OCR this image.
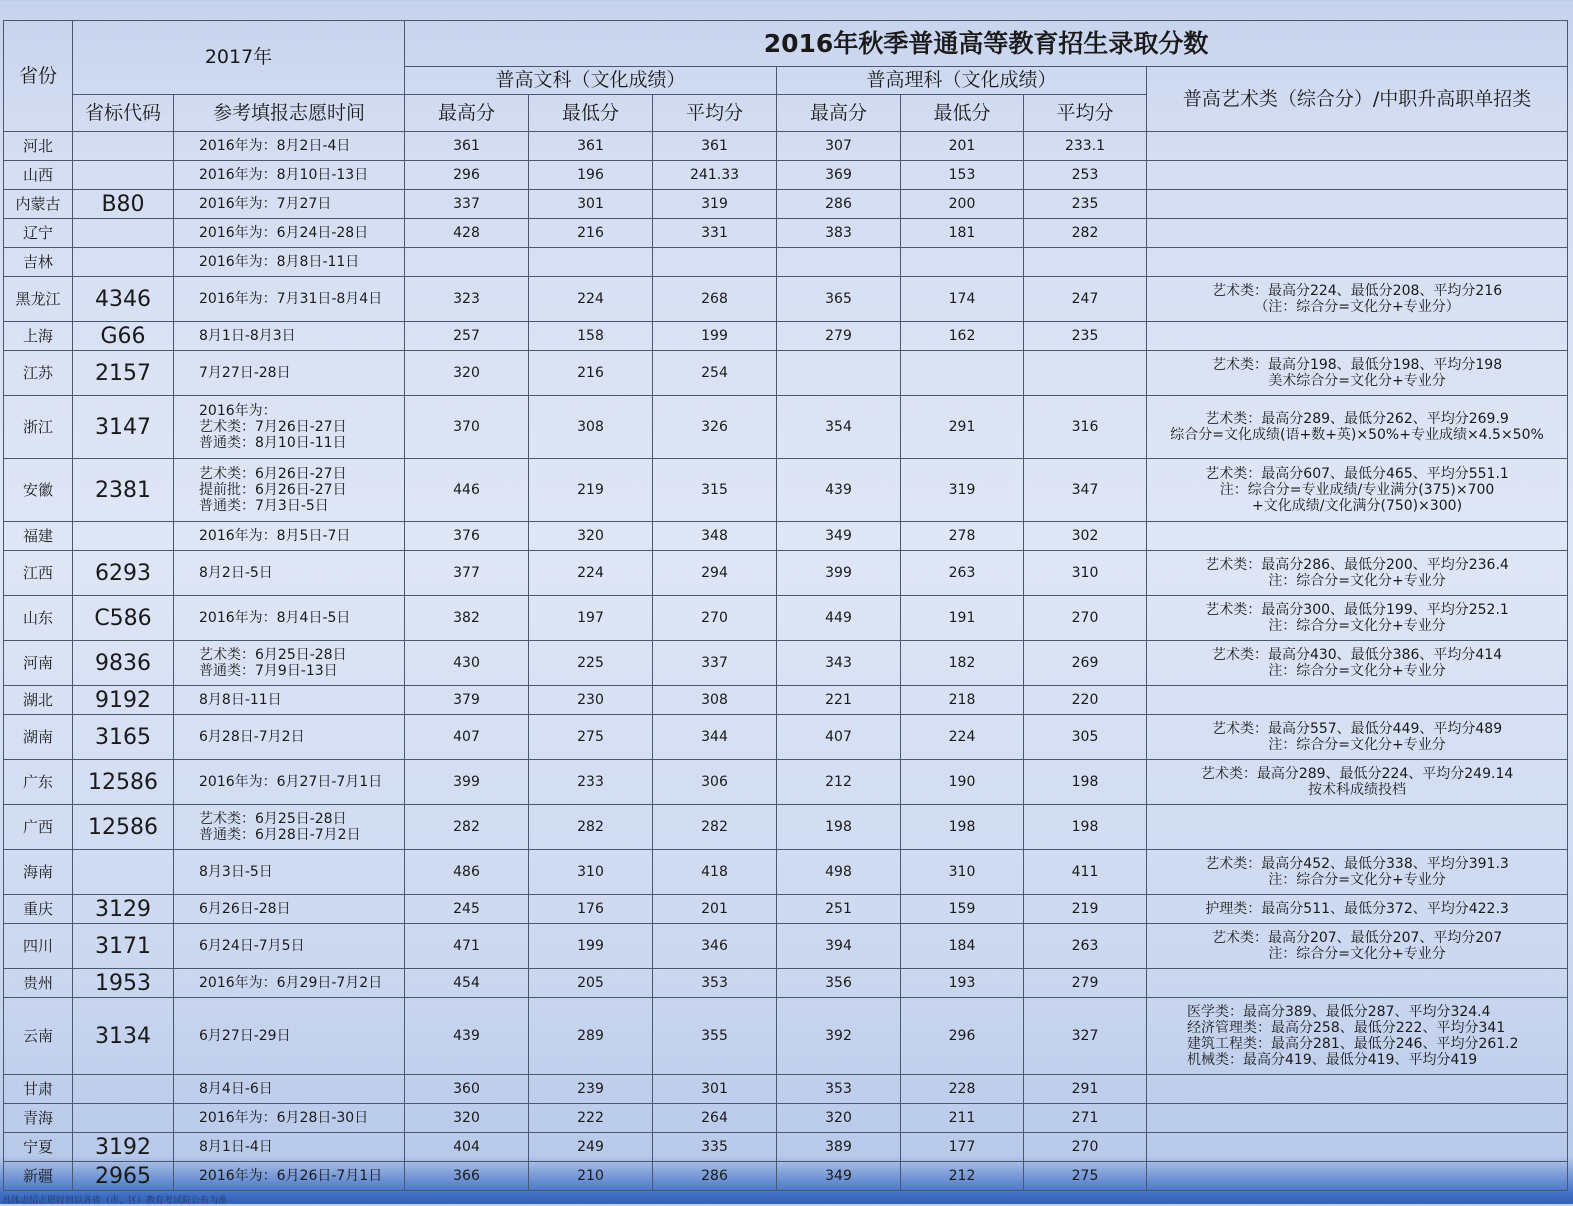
省份	2017年		2016年秋季普通高等教育招生录取分数						
			普高文科（文化成绩）			普高理科（文化成绩）			普高艺术类（综合分）/中职升高职单招类
	省标代码	参考填报志愿时间	最高分	最低分	平均分	最高分	最低分	平均分	
河北		2016年为：8月2日-4日	361	361	361	307	201	233.1	
山西		2016年为：8月10日-13日	296	196	241.33	369	153	253	
内蒙古	B80	2016年为：7月27日	337	301	319	286	200	235	
辽宁		2016年为：6月24日-28日	428	216	331	383	181	282	
吉林		2016年为：8月8日-11日							

黑龙江	4346	2016年为：7月31日-8月4日	323	224	268	365	174	247	艺术类：最高分224、最低分208、平均分216
（注：综合分=文化分+专业分）

上海	G66	8月1日-8月3日	257	158	199	279	162	235	
江苏	2157	7月27日-28日	320	216	254				艺术类：最高分198、最低分198、平均分198
美术综合分=文化分+专业分

浙江	3147	2016年为：
艺术类：7月26日-27日
普通类：8月10日-11日	370	308	326	354	291	316	艺术类：最高分289、最低分262、平均分269.9
综合分=文化成绩(语+数+英)×50%+专业成绩×4.5×50%

安徽	2381	艺术类：6月26日-27日
提前批：6月26日-27日
普通类：7月3日-5日	446	219	315	439	319	347	艺术类：最高分607、最低分465、平均分551.1
注：综合分=专业成绩/专业满分(375)×700
+文化成绩/文化满分(750)×300)

福建		2016年为：8月5日-7日	376	320	348	349	278	302	
江西	6293	8月2日-5日	377	224	294	399	263	310	艺术类：最高分286、最低分200、平均分236.4
注：综合分=文化分+专业分

山东	C586	2016年为：8月4日-5日	382	197	270	449	191	270	艺术类：最高分300、最低分199、平均分252.1
注：综合分=文化分+专业分

河南	9836	艺术类：6月25日-28日
普通类：7月9日-13日	430	225	337	343	182	269	艺术类：最高分430、最低分386、平均分414
注：综合分=文化分+专业分

湖北	9192	8月8日-11日	379	230	308	221	218	220	
湖南	3165	6月28日-7月2日	407	275	344	407	224	305	艺术类：最高分557、最低分449、平均分489
注：综合分=文化分+专业分

广东	12586	2016年为：6月27日-7月1日	399	233	306	212	190	198	艺术类：最高分289、最低分224、平均分249.14
按术科成绩投档

广西	12586	艺术类：6月25日-28日
普通类：6月28日-7月2日	282	282	282	198	198	198	
海南		8月3日-5日	486	310	418	498	310	411	艺术类：最高分452、最低分338、平均分391.3
注：综合分=文化分+专业分

重庆	3129	6月26日-28日	245	176	201	251	159	219	护理类：最高分511、最低分372、平均分422.3

四川	3171	6月24日-7月5日	471	199	346	394	184	263	艺术类：最高分207、最低分207、平均分207
注：综合分=文化分+专业分

贵州	1953	2016年为：6月29日-7月2日	454	205	353	356	193	279	
云南	3134	6月27日-29日	439	289	355	392	296	327	医学类：最高分389、最低分287、平均分324.4
经济管理类：最高分258、最低分222、平均分341
建筑工程类：最高分281、最低分246、平均分261.2
机械类：最高分419、最低分419、平均分419

甘肃		8月4日-6日	360	239	301	353	228	291	
青海		2016年为：6月28日-30日	320	222	264	320	211	271	
宁夏	3192	8月1日-4日	404	249	335	389	177	270	
新疆	2965	2016年为：6月26日-7月1日	366	210	286	349	212	275	
具体志招志愿时间以各省（市、区）教育考试院公布为准
